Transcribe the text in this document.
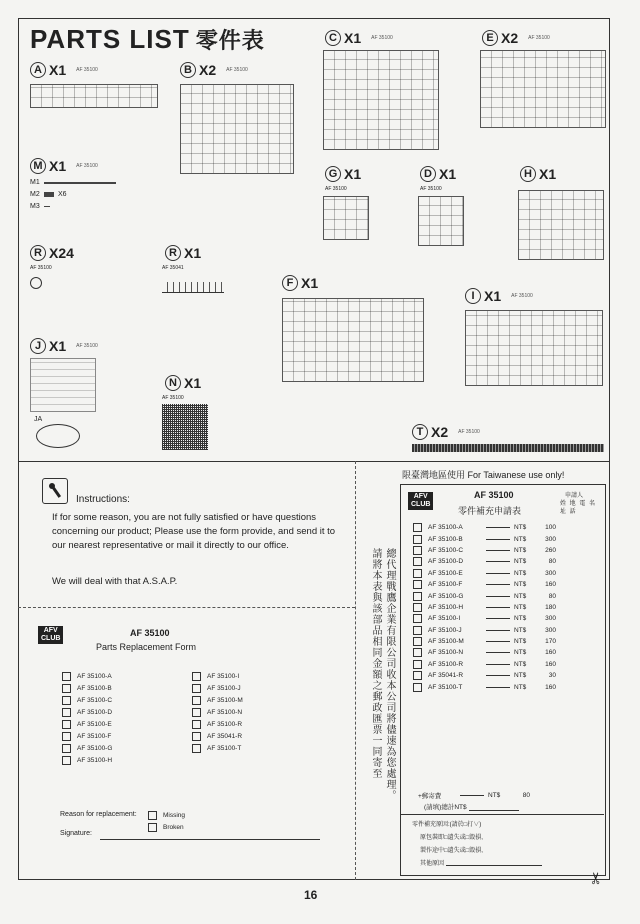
PARTS LIST 零件表
A X1 AF 35100	B X2 AF 35100
C X1 AF 35100	E X2 AF 35100
M X1 AF 35100
M1
M2	X6
M3
G X1
AF 35100
D X1
AF 35100
H X1
R X24
AF 35100
R X1
AF 35041
F X1
I X1 AF 35100
J X1 AF 35100
JA
N X1
AF 35100
T X2 AF 35100
Instructions:
If for some reason, you are not fully satisfied or have questions concerning our product; Please use the form provide, and send it to our nearest representative or mail it directly to our office.
We will deal with that A.S.A.P.
AFV
CLUB
AF 35100
Parts Replacement Form
AF 35100-A
AF 35100-B
AF 35100-C
AF 35100-D
AF 35100-E
AF 35100-F
AF 35100-G
AF 35100-H
AF 35100-I
AF 35100-J
AF 35100-M
AF 35100-N
AF 35100-R
AF 35041-R
AF 35100-T
Reason for replacement:	Missing
Broken
Signature:
總代理戰鷹企業有限公司收本公司將儘速為您處理。請將本表與該部品相同金額之郵政匯票一同寄至
限臺灣地區使用 For Taiwanese use only!
AFV
CLUB
AF 35100
零件補充申請表
申請人
姓 地 電 名 址 話
AF 35100-A	NT$	100
AF 35100-B	NT$	300
AF 35100-C	NT$	260
AF 35100-D	NT$	80
AF 35100-E	NT$	300
AF 35100-F	NT$	160
AF 35100-G	NT$	80
AF 35100-H	NT$	180
AF 35100-I	NT$	300
AF 35100-J	NT$	300
AF 35100-M	NT$	170
AF 35100-N	NT$	160
AF 35100-R	NT$	160
AF 35041-R	NT$	30
AF 35100-T	NT$	160
+郵寄費	NT$	80
(請填)總計NT$
零件補充原因:(請於□打∨)
原包裝即□遺失或□毀損,
製作途中□遺失或□毀損,
其他原因
✂
16
